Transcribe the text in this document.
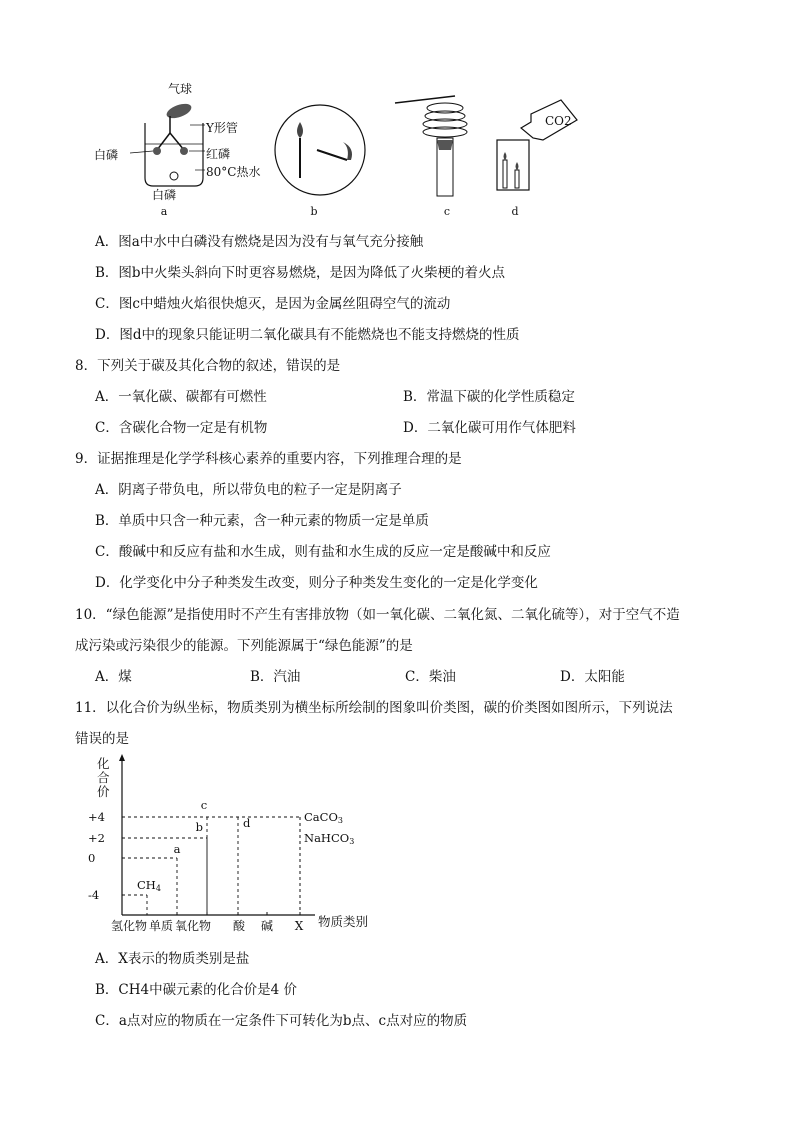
气球
Y形管
白磷	红磷
80°C热水
白磷
CO2
a	b	c	d
A．图a中水中白磷没有燃烧是因为没有与氧气充分接触
B．图b中火柴头斜向下时更容易燃烧，是因为降低了火柴梗的着火点
C．图c中蜡烛火焰很快熄灭，是因为金属丝阻碍空气的流动
D．图d中的现象只能证明二氧化碳具有不能燃烧也不能支持燃烧的性质
8．下列关于碳及其化合物的叙述，错误的是
A．一氧化碳、碳都有可燃性	B．常温下碳的化学性质稳定
C．含碳化合物一定是有机物	D．二氧化碳可用作气体肥料
9．证据推理是化学学科核心素养的重要内容，下列推理合理的是
A．阴离子带负电，所以带负电的粒子一定是阴离子
B．单质中只含一种元素，含一种元素的物质一定是单质
C．酸碱中和反应有盐和水生成，则有盐和水生成的反应一定是酸碱中和反应
D．化学变化中分子种类发生改变，则分子种类发生变化的一定是化学变化
10．“绿色能源”是指使用时不产生有害排放物（如一氧化碳、二氧化氮、二氧化硫等），对于空气不造
成污染或污染很少的能源。下列能源属于“绿色能源”的是
A．煤	B．汽油	C．柴油	D．太阳能
11．以化合价为纵坐标，物质类别为横坐标所绘制的图象叫价类图，碳的价类图如图所示，下列说法
错误的是
CH4
a
b
c
d	CaCO3
NaHCO3
+4
+2
0
-4
氢化物 单质 氧化物 酸 碱 X
化合价
物质类别
A．X表示的物质类别是盐
B．CH4中碳元素的化合价是4 价
C．a点对应的物质在一定条件下可转化为b点、c点对应的物质
